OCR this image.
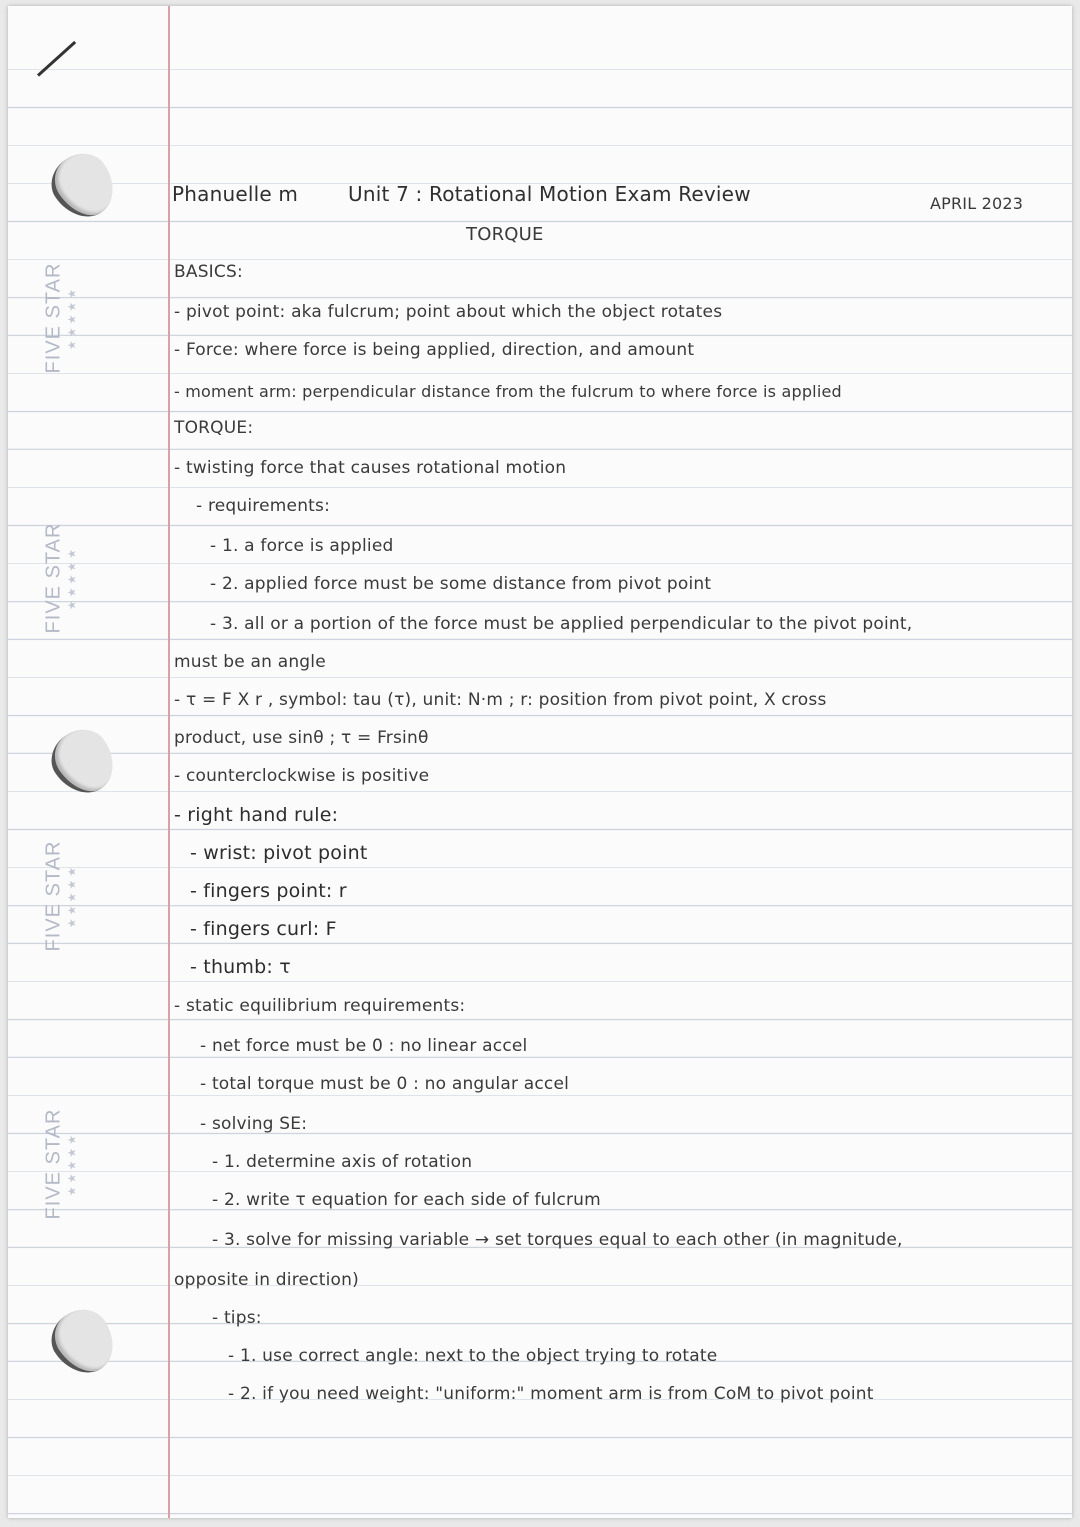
FIVE STAR ★★★★★
FIVE STAR ★★★★★
FIVE STAR ★★★★★
FIVE STAR ★★★★★

Phanuelle m Unit 7 : Rotational Motion Exam Review	APRIL 2023

TORQUE

BASICS:

- pivot point: aka fulcrum; point about which the object rotates

- Force: where force is being applied, direction, and amount

- moment arm: perpendicular distance from the fulcrum to where force is applied

TORQUE:

- twisting force that causes rotational motion

- requirements:

- 1. a force is applied

- 2. applied force must be some distance from pivot point

- 3. all or a portion of the force must be applied perpendicular to the pivot point,

must be an angle

- τ = F X r , symbol: tau (τ), unit: N·m ; r: position from pivot point, X cross

product, use sinθ ; τ = Frsinθ

- counterclockwise is positive

- right hand rule:

- wrist: pivot point

- fingers point: r

- fingers curl: F

- thumb: τ

- static equilibrium requirements:

- net force must be 0 : no linear accel

- total torque must be 0 : no angular accel

- solving SE:

- 1. determine axis of rotation

- 2. write τ equation for each side of fulcrum

- 3. solve for missing variable → set torques equal to each other (in magnitude,

opposite in direction)

- tips:

- 1. use correct angle: next to the object trying to rotate

- 2. if you need weight: "uniform:" moment arm is from CoM to pivot point
